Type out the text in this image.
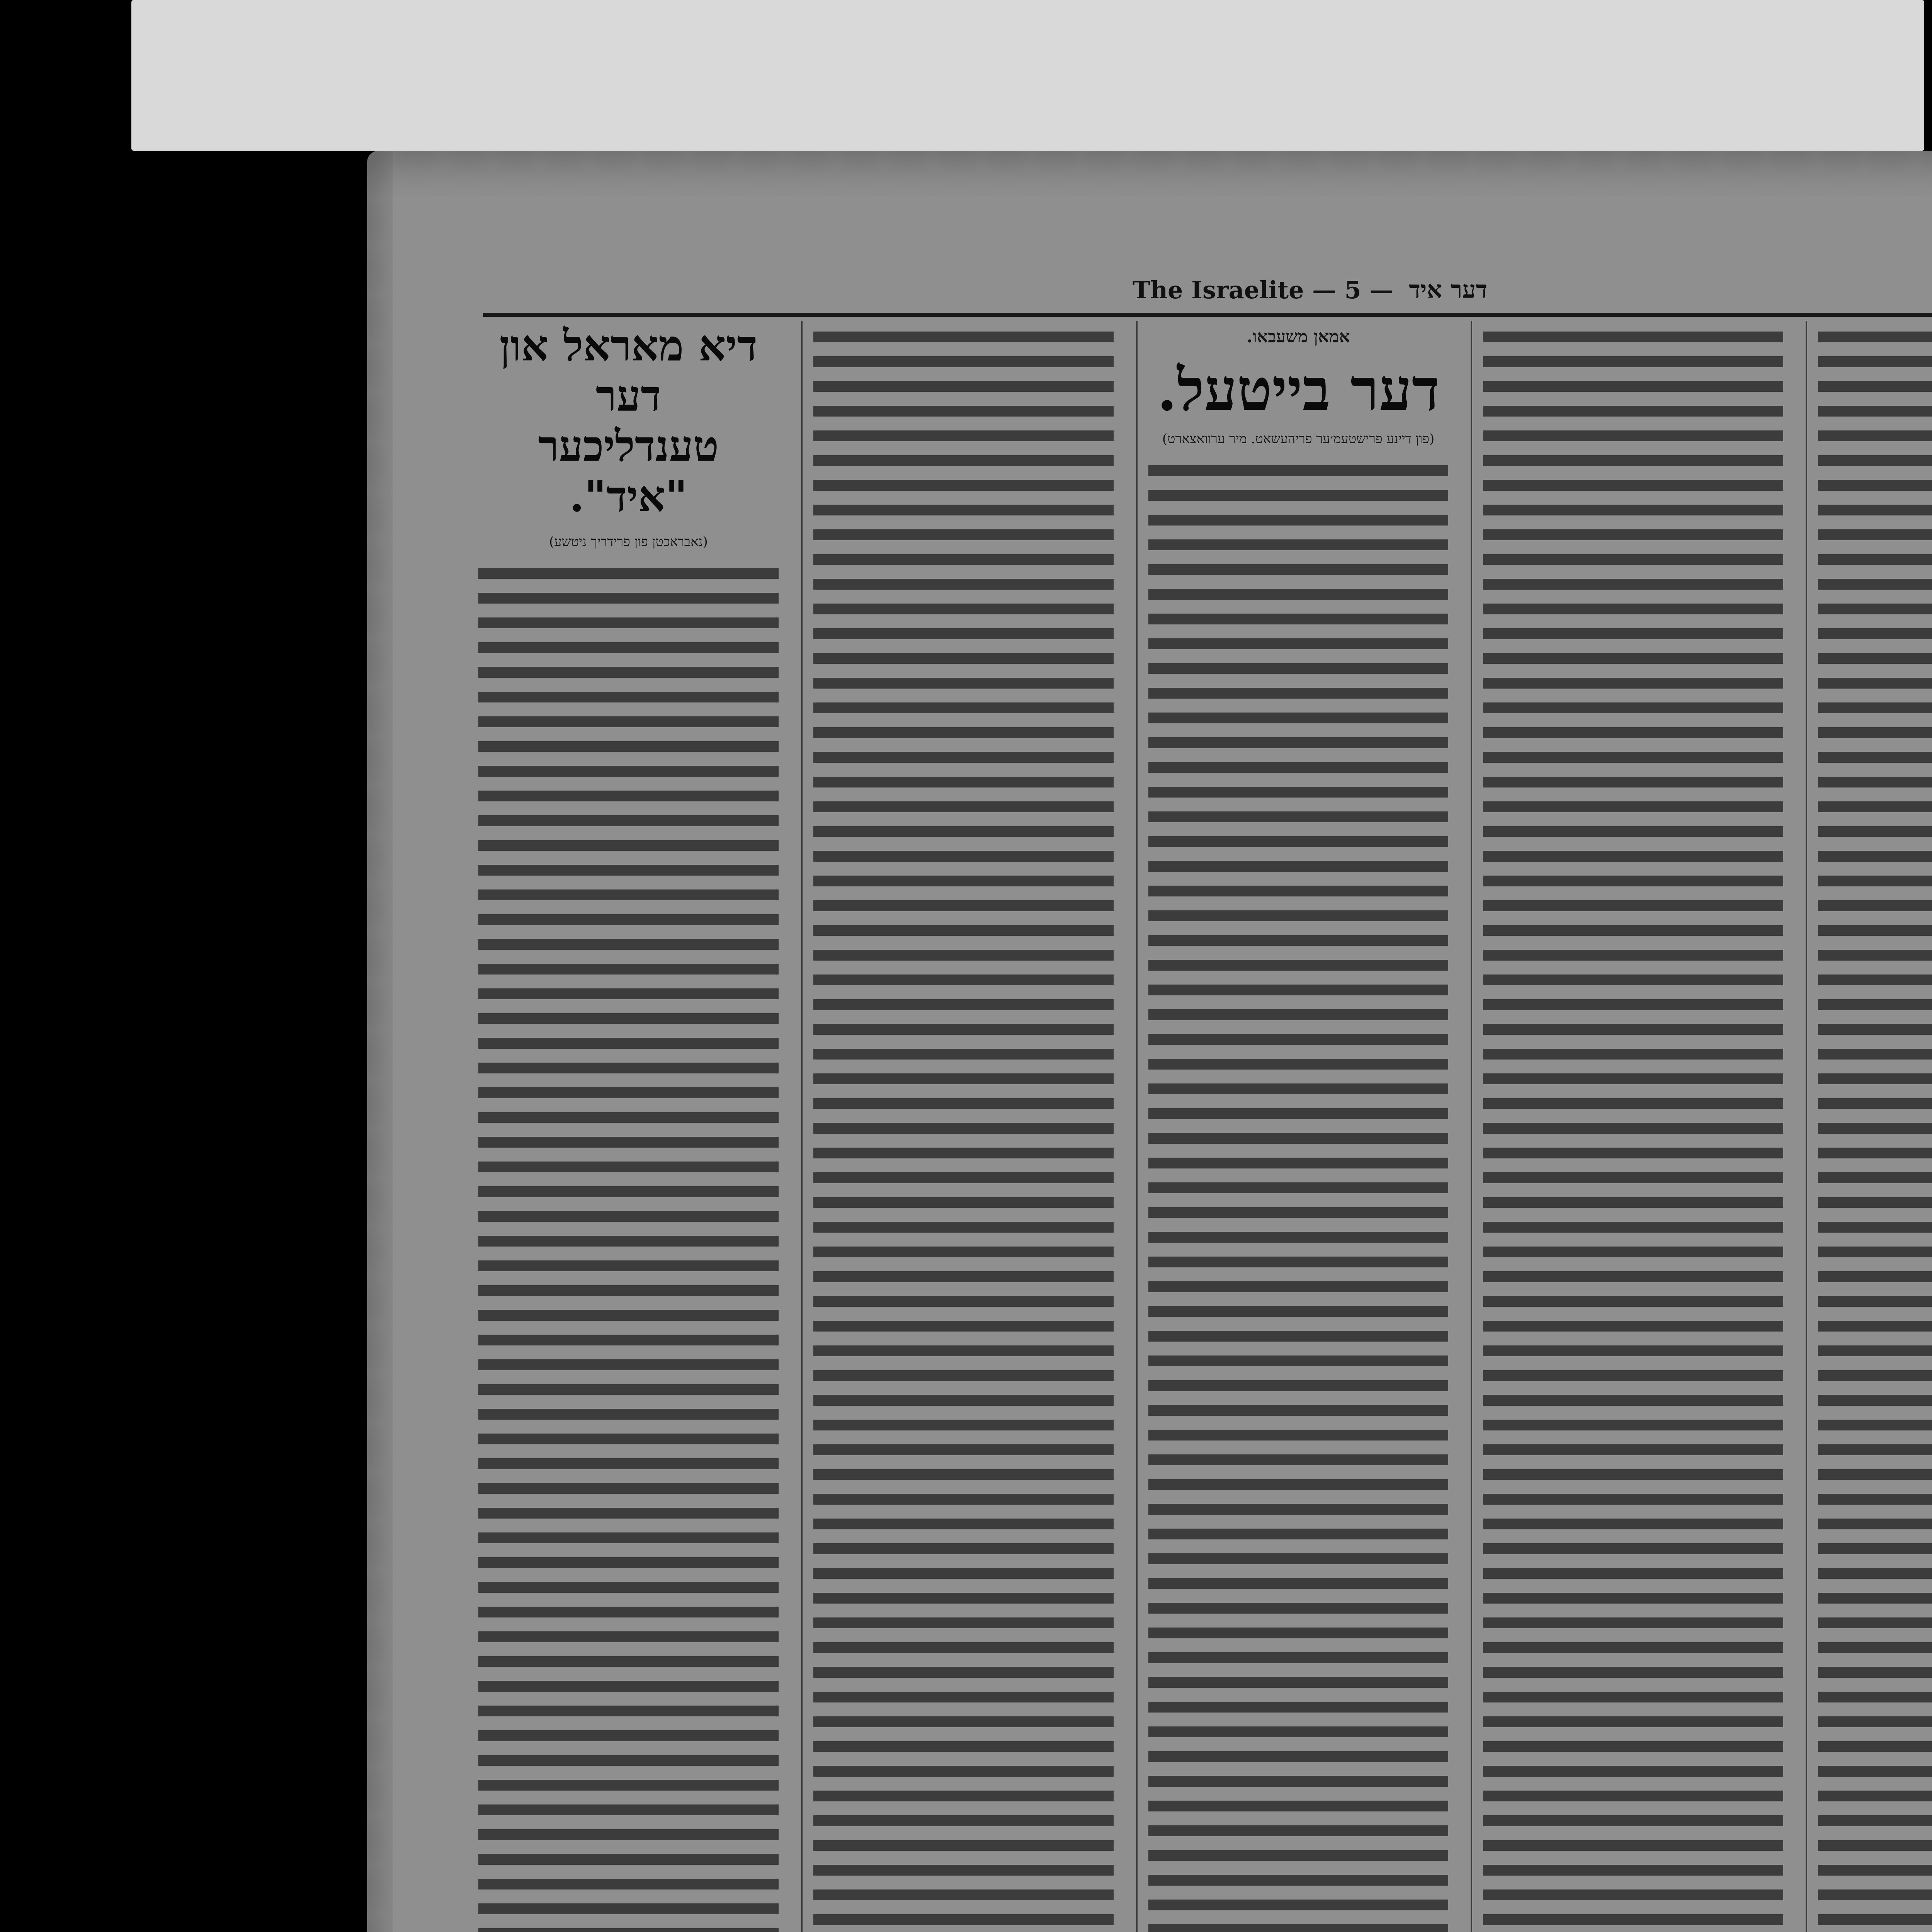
The Israelite — 5 — דער איד
אמאן משעבאו.
דער בייטעל.
(פון דיינע פרישטעמ׳ער פריהעשאט. מיר ערוואצארט)
דיא מאראל און דער
טענדליכער "איד".
(נאבראכטן פון פרידריך ניטשע)
